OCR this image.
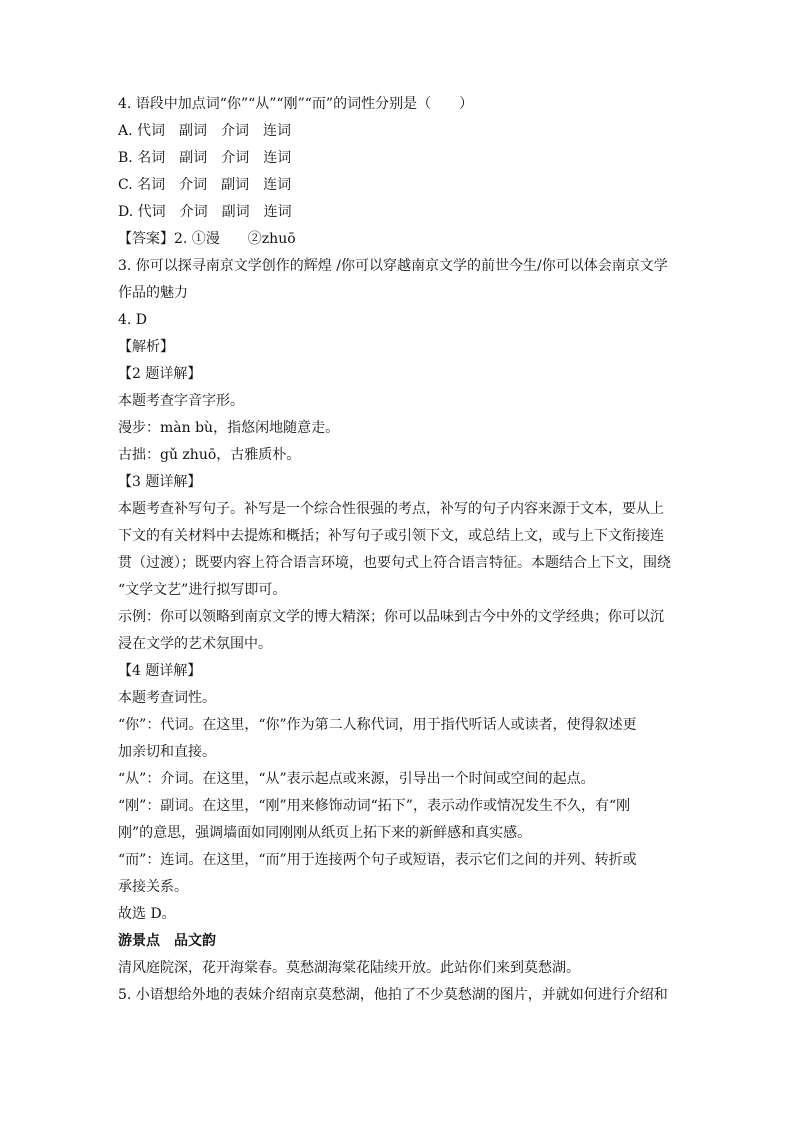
4. 语段中加点词“你”“从”“刚”“而”的词性分别是（　　）
A. 代词　副词　介词　连词
B. 名词　副词　介词　连词
C. 名词　介词　副词　连词
D. 代词　介词　副词　连词
【答案】2. ①漫　　②zhuō
3. 你可以探寻南京文学创作的辉煌 /你可以穿越南京文学的前世今生/你可以体会南京文学
作品的魅力
4. D
【解析】
【2 题详解】
本题考查字音字形。
漫步：màn bù，指悠闲地随意走。
古拙：gǔ zhuō，古雅质朴。
【3 题详解】
本题考查补写句子。补写是一个综合性很强的考点，补写的句子内容来源于文本，要从上
下文的有关材料中去提炼和概括；补写句子或引领下文，或总结上文，或与上下文衔接连
贯（过渡）；既要内容上符合语言环境，也要句式上符合语言特征。本题结合上下文，围绕
“文学文艺”进行拟写即可。
示例：你可以领略到南京文学的博大精深；你可以品味到古今中外的文学经典；你可以沉
浸在文学的艺术氛围中。
【4 题详解】
本题考查词性。
“你”：代词。在这里，“你”作为第二人称代词，用于指代听话人或读者，使得叙述更
加亲切和直接。
“从”：介词。在这里，“从”表示起点或来源，引导出一个时间或空间的起点。
“刚”：副词。在这里，“刚”用来修饰动词“拓下”，表示动作或情况发生不久，有“刚
刚”的意思，强调墙面如同刚刚从纸页上拓下来的新鲜感和真实感。
“而”：连词。在这里，“而”用于连接两个句子或短语，表示它们之间的并列、转折或
承接关系。
故选 D。
游景点　品文韵
清风庭院深，花开海棠春。莫愁湖海棠花陆续开放。此站你们来到莫愁湖。
5. 小语想给外地的表妹介绍南京莫愁湖，他拍了不少莫愁湖的图片，并就如何进行介绍和
